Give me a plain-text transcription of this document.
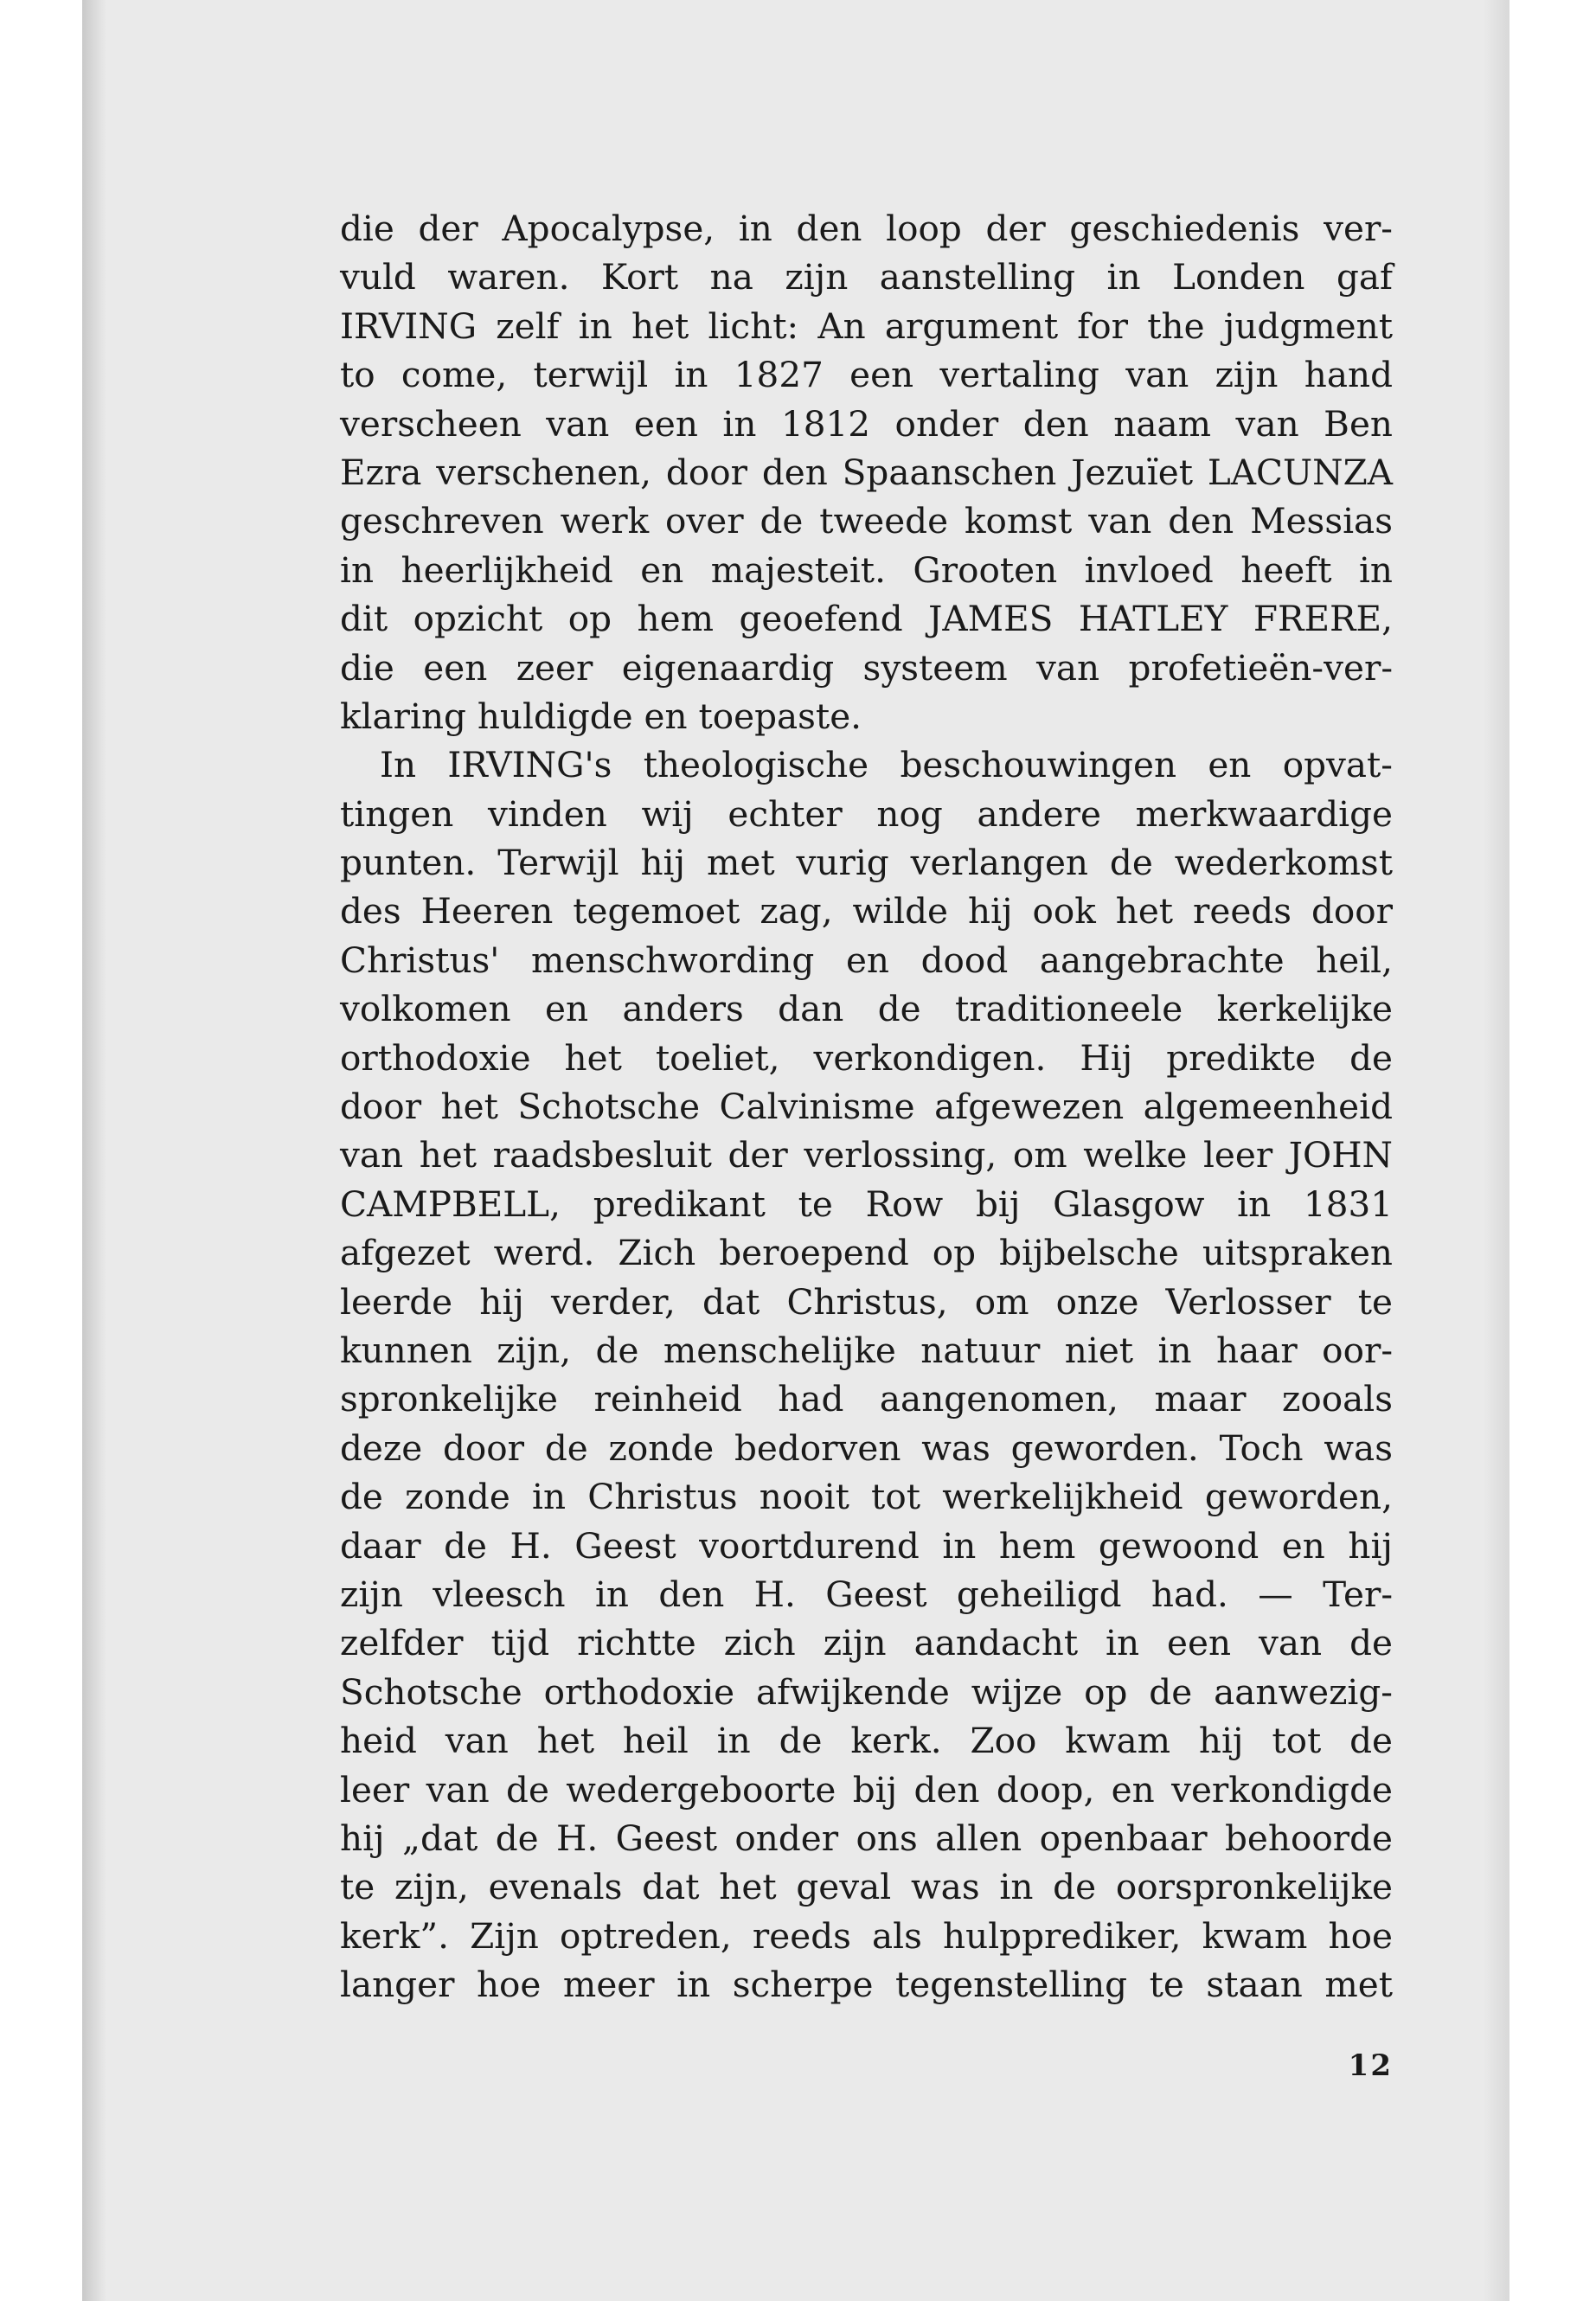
die der Apocalypse, in den loop der geschiedenis ver-
vuld waren. Kort na zijn aanstelling in Londen gaf
IRVING zelf in het licht: An argument for the judgment
to come, terwijl in 1827 een vertaling van zijn hand
verscheen van een in 1812 onder den naam van Ben
Ezra verschenen, door den Spaanschen Jezuïet LACUNZA
geschreven werk over de tweede komst van den Messias
in heerlijkheid en majesteit. Grooten invloed heeft in
dit opzicht op hem geoefend JAMES HATLEY FRERE,
die een zeer eigenaardig systeem van profetieën-ver-
klaring huldigde en toepaste.
In IRVING's theologische beschouwingen en opvat-
tingen vinden wij echter nog andere merkwaardige
punten. Terwijl hij met vurig verlangen de wederkomst
des Heeren tegemoet zag, wilde hij ook het reeds door
Christus' menschwording en dood aangebrachte heil,
volkomen en anders dan de traditioneele kerkelijke
orthodoxie het toeliet, verkondigen. Hij predikte de
door het Schotsche Calvinisme afgewezen algemeenheid
van het raadsbesluit der verlossing, om welke leer JOHN
CAMPBELL, predikant te Row bij Glasgow in 1831
afgezet werd. Zich beroepend op bijbelsche uitspraken
leerde hij verder, dat Christus, om onze Verlosser te
kunnen zijn, de menschelijke natuur niet in haar oor-
spronkelijke reinheid had aangenomen, maar zooals
deze door de zonde bedorven was geworden. Toch was
de zonde in Christus nooit tot werkelijkheid geworden,
daar de H. Geest voortdurend in hem gewoond en hij
zijn vleesch in den H. Geest geheiligd had. — Ter-
zelfder tijd richtte zich zijn aandacht in een van de
Schotsche orthodoxie afwijkende wijze op de aanwezig-
heid van het heil in de kerk. Zoo kwam hij tot de
leer van de wedergeboorte bij den doop, en verkondigde
hij „dat de H. Geest onder ons allen openbaar behoorde
te zijn, evenals dat het geval was in de oorspronkelijke
kerk”. Zijn optreden, reeds als hulpprediker, kwam hoe
langer hoe meer in scherpe tegenstelling te staan met
12
